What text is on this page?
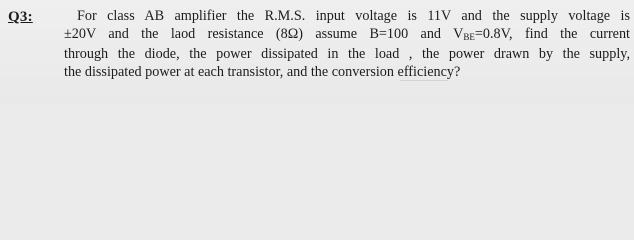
Q3:	For class AB amplifier the R.M.S. input voltage is 11V and the supply voltage is
±20V and the laod resistance (8Ω) assume B=100 and VBE=0.8V, find the current
through the diode, the power dissipated in the load , the power drawn by the supply,
the dissipated power at each transistor, and the conversion efficiency?
